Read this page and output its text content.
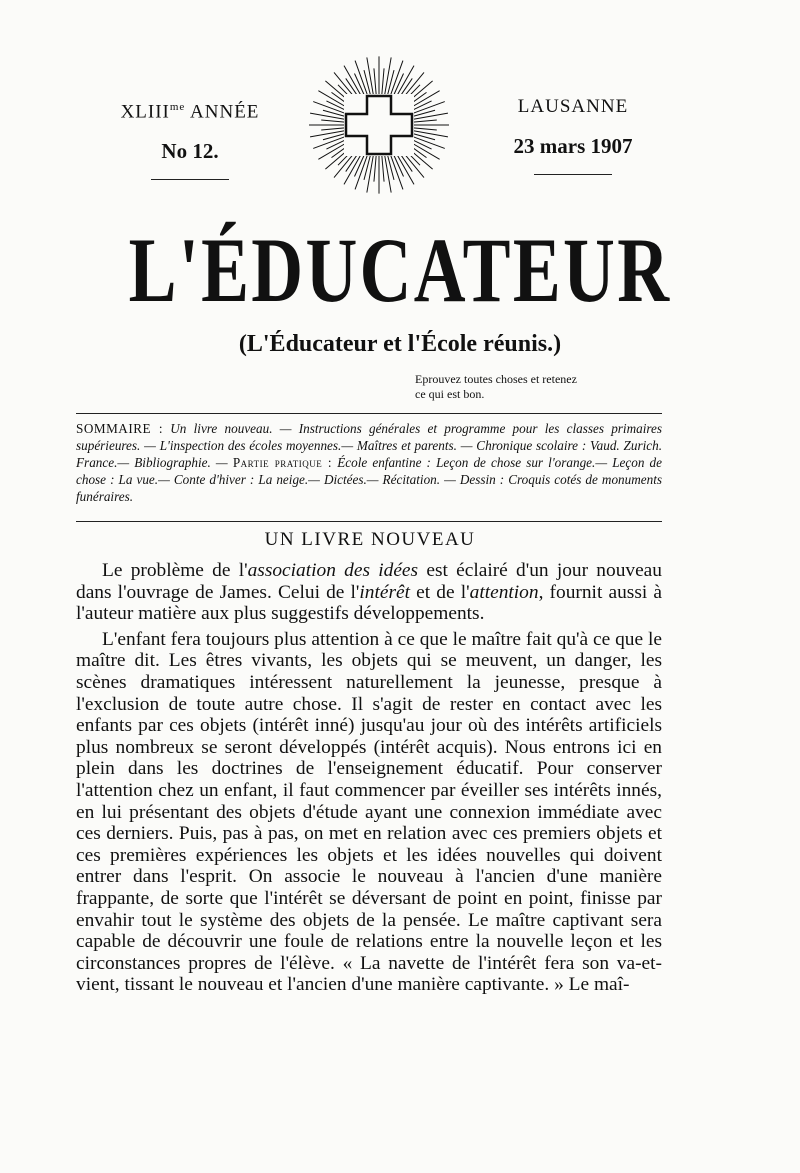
$XLIII^{me}$ ANNÉE
No 12.
LAUSANNE
23 mars 1907
L'ÉDUCATEUR
(L'Éducateur et l'École réunis.)
Eprouvez toutes choses et retenez
ce qui est bon.
SOMMAIRE : Un livre nouveau. — Instructions générales et programme pour les classes primaires supérieures. — L'inspection des écoles moyennes.— Maîtres et parents. — Chronique scolaire : Vaud. Zurich. France.— Bibliographie. — Partie pratique : École enfantine : Leçon de chose sur l'orange.— Leçon de chose : La vue.— Conte d'hiver : La neige.— Dictées.— Récitation. — Dessin : Croquis cotés de monuments funéraires.
UN LIVRE NOUVEAU

Le problème de l'association des idées est éclairé d'un jour nouveau dans l'ouvrage de James. Celui de l'intérêt et de l'attention, fournit aussi à l'auteur matière aux plus suggestifs développements.

L'enfant fera toujours plus attention à ce que le maître fait qu'à ce que le maître dit. Les êtres vivants, les objets qui se meuvent, un danger, les scènes dramatiques intéressent naturellement la jeunesse, presque à l'exclusion de toute autre chose. Il s'agit de rester en contact avec les enfants par ces objets (intérêt inné) jusqu'au jour où des intérêts artificiels plus nombreux se seront développés (intérêt acquis). Nous entrons ici en plein dans les doctrines de l'enseignement éducatif. Pour conserver l'attention chez un enfant, il faut commencer par éveiller ses intérêts innés, en lui présentant des objets d'étude ayant une connexion immédiate avec ces derniers. Puis, pas à pas, on met en relation avec ces premiers objets et ces premières expériences les objets et les idées nouvelles qui doivent entrer dans l'esprit. On associe le nouveau à l'ancien d'une manière frappante, de sorte que l'intérêt se déversant de point en point, finisse par envahir tout le système des objets de la pensée. Le maître captivant sera capable de découvrir une foule de relations entre la nouvelle leçon et les circonstances propres de l'élève. « La navette de l'intérêt fera son va-et-vient, tissant le nouveau et l'ancien d'une manière captivante. » Le maî-
